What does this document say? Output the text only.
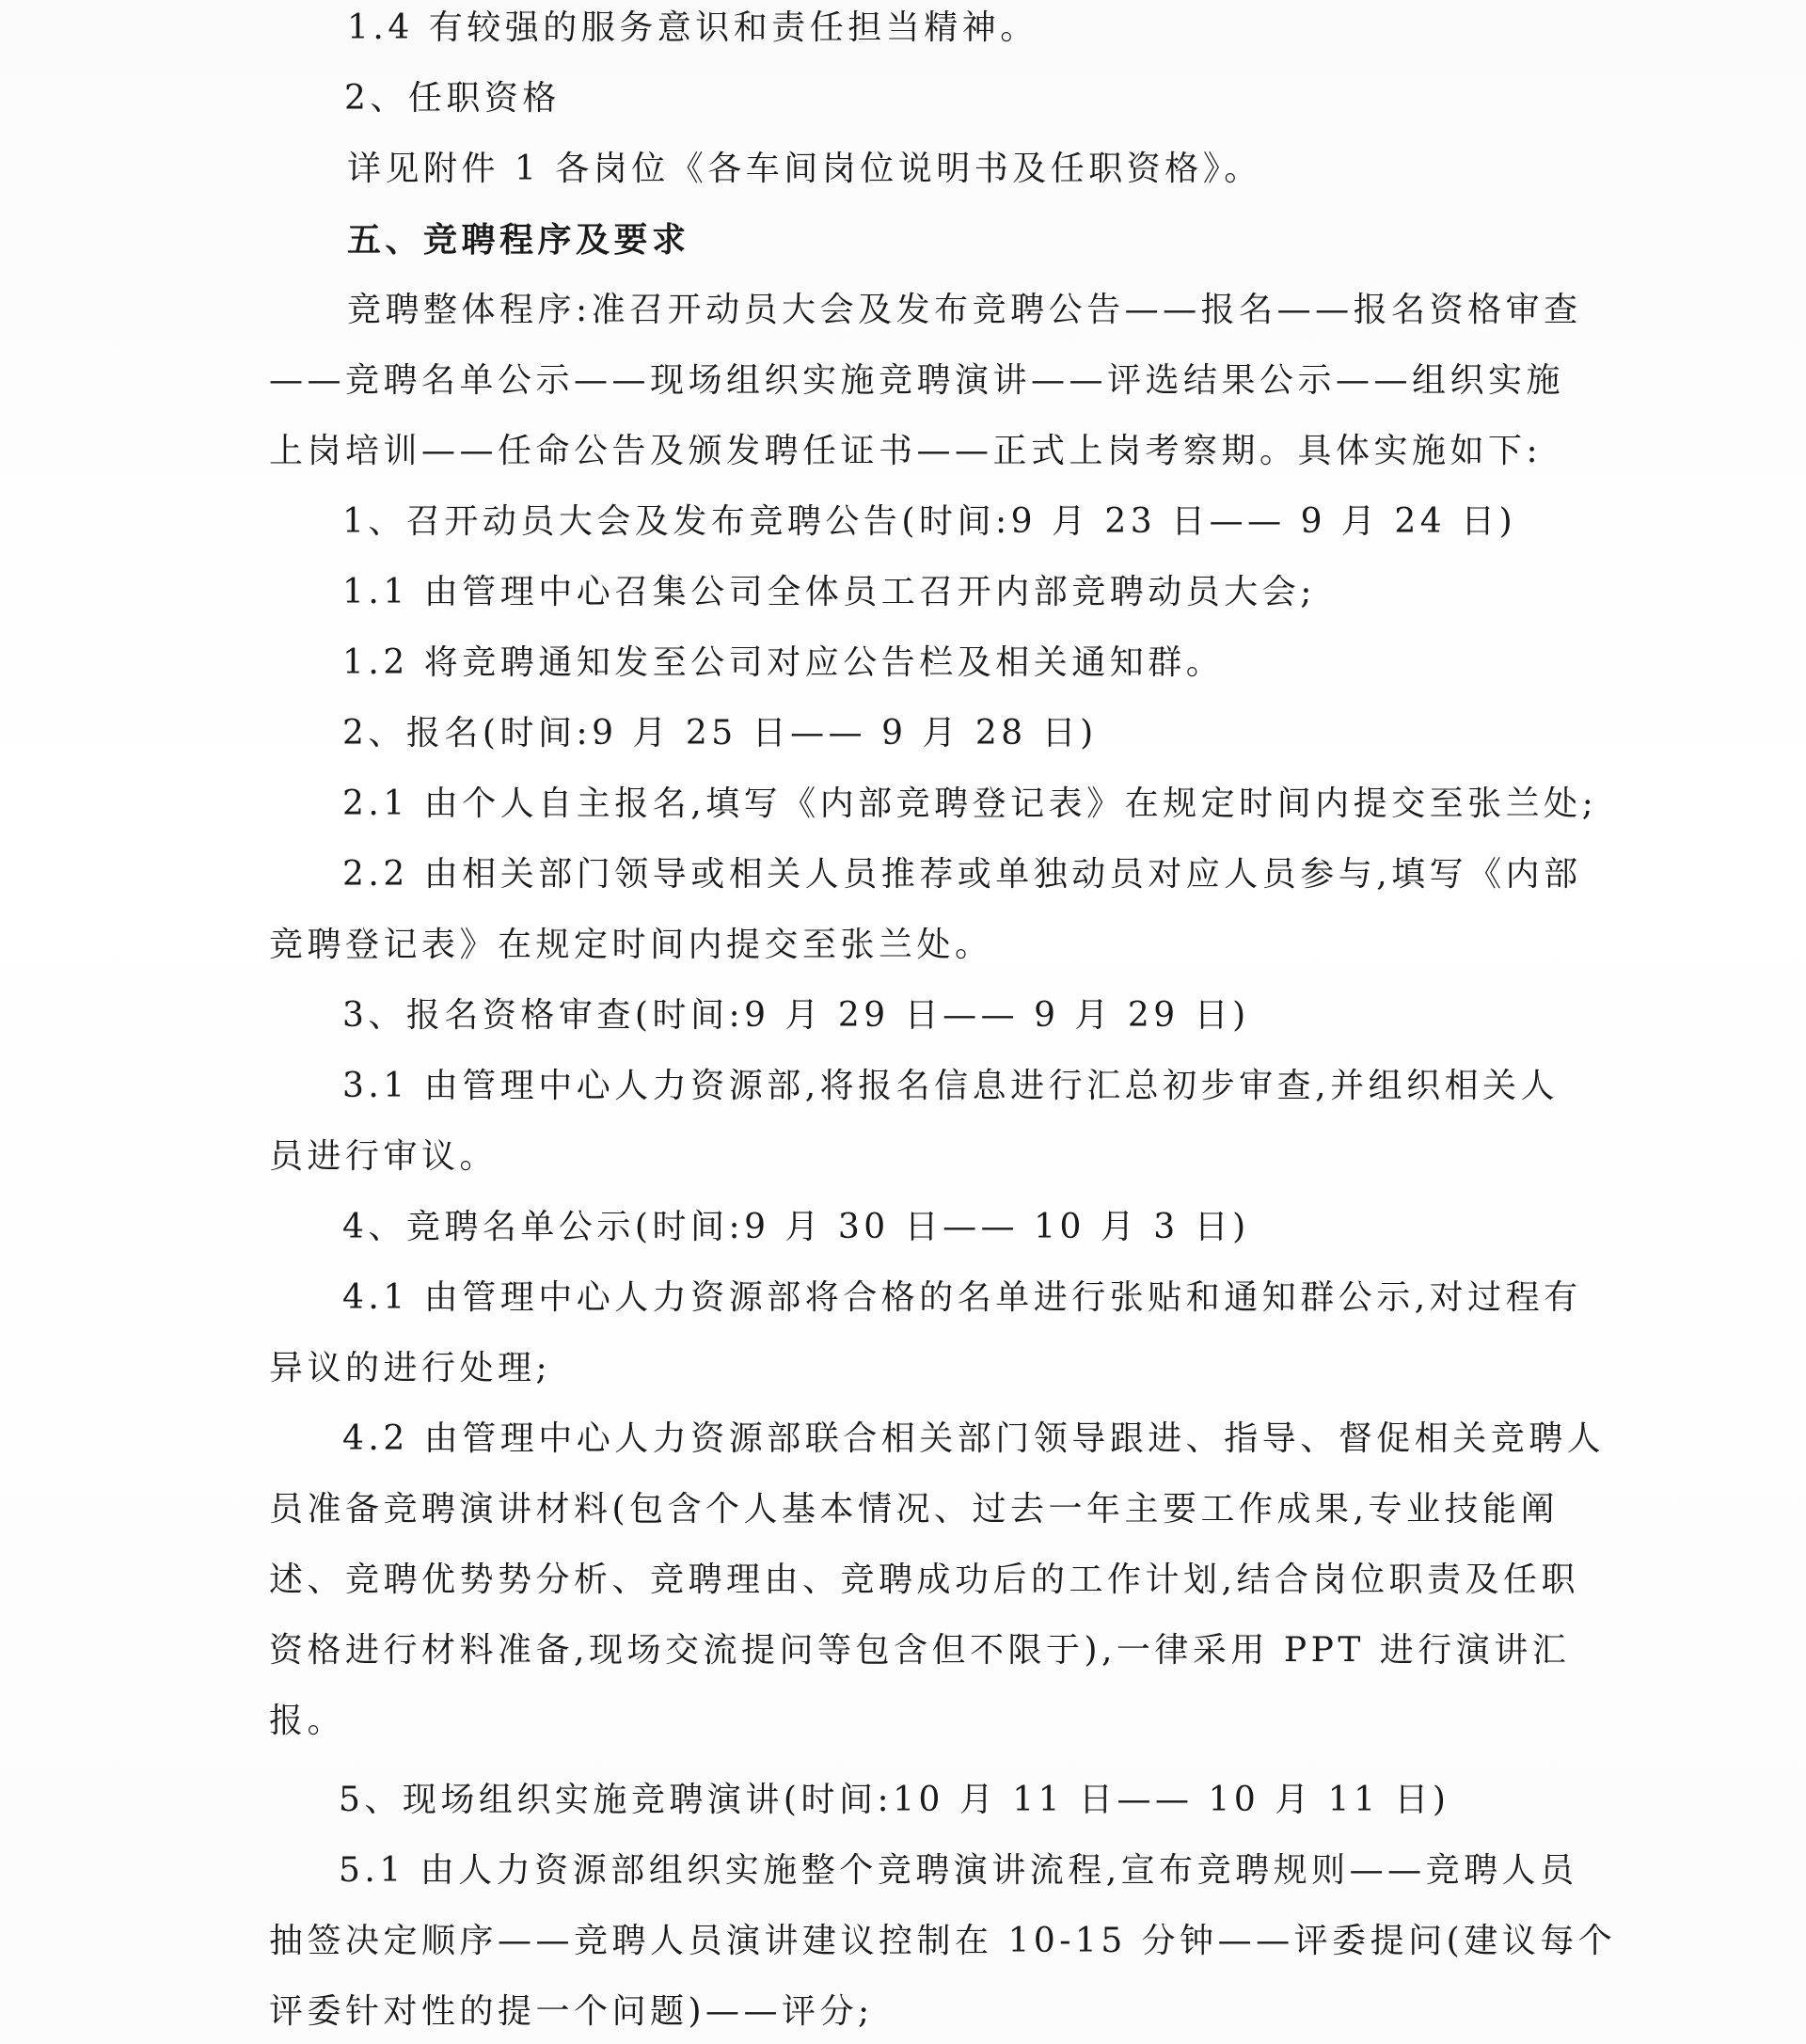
1.4 有较强的服务意识和责任担当精神。
2、任职资格
详见附件 1 各岗位《各车间岗位说明书及任职资格》。
五、竞聘程序及要求
竞聘整体程序:准召开动员大会及发布竞聘公告——报名——报名资格审查
——竞聘名单公示——现场组织实施竞聘演讲——评选结果公示——组织实施
上岗培训——任命公告及颁发聘任证书——正式上岗考察期。具体实施如下:
1、召开动员大会及发布竞聘公告(时间:9 月 23 日—— 9 月 24 日)
1.1 由管理中心召集公司全体员工召开内部竞聘动员大会;
1.2 将竞聘通知发至公司对应公告栏及相关通知群。
2、报名(时间:9 月 25 日—— 9 月 28 日)
2.1 由个人自主报名,填写《内部竞聘登记表》在规定时间内提交至张兰处;
2.2 由相关部门领导或相关人员推荐或单独动员对应人员参与,填写《内部
竞聘登记表》在规定时间内提交至张兰处。
3、报名资格审查(时间:9 月 29 日—— 9 月 29 日)
3.1 由管理中心人力资源部,将报名信息进行汇总初步审查,并组织相关人
员进行审议。
4、竞聘名单公示(时间:9 月 30 日—— 10 月 3 日)
4.1 由管理中心人力资源部将合格的名单进行张贴和通知群公示,对过程有
异议的进行处理;
4.2 由管理中心人力资源部联合相关部门领导跟进、指导、督促相关竞聘人
员准备竞聘演讲材料(包含个人基本情况、过去一年主要工作成果,专业技能阐
述、竞聘优势势分析、竞聘理由、竞聘成功后的工作计划,结合岗位职责及任职
资格进行材料准备,现场交流提问等包含但不限于),一律采用 PPT 进行演讲汇
报。
5、现场组织实施竞聘演讲(时间:10 月 11 日—— 10 月 11 日)
5.1 由人力资源部组织实施整个竞聘演讲流程,宣布竞聘规则——竞聘人员
抽签决定顺序——竞聘人员演讲建议控制在 10-15 分钟——评委提问(建议每个
评委针对性的提一个问题)——评分;
